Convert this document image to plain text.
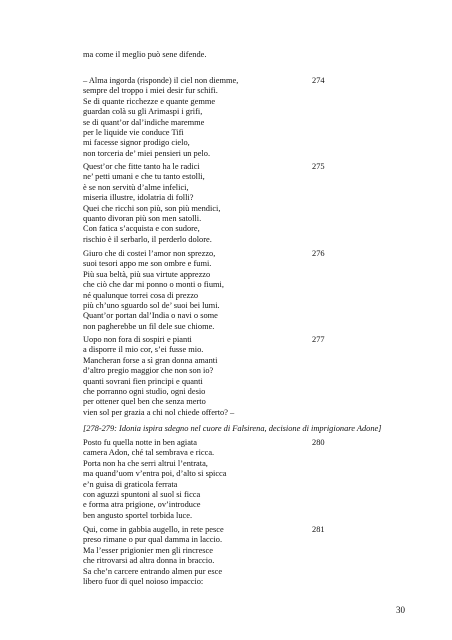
ma come il meglio può sene difende.
274
– Alma ingorda (risponde) il ciel non diemme,
sempre del troppo i miei desir fur schifi.
Se di quante ricchezze e quante gemme
guardan colà su gli Arimaspi i grifi,
se di quant’or dal’indiche maremme
per le liquide vie conduce Tifi
mi facesse signor prodigo cielo,
non torceria de’ miei pensieri un pelo.
275
Quest’or che fitte tanto ha le radici
ne’ petti umani e che tu tanto estolli,
è se non servitù d’alme infelici,
miseria illustre, idolatria di folli?
Quei che ricchi son più, son più mendici,
quanto divoran più son men satolli.
Con fatica s’acquista e con sudore,
rischio è il serbarlo, il perderlo dolore.
276
Giuro che di costei l’amor non sprezzo,
suoi tesori appo me son ombre e fumi.
Più sua beltà, più sua virtute apprezzo
che ciò che dar mi ponno o monti o fiumi,
né qualunque torrei cosa di prezzo
più ch’uno sguardo sol de’ suoi bei lumi.
Quant’or portan dal’India o navi o some
non pagherebbe un fil dele sue chiome.
277
Uopo non fora di sospiri e pianti
a disporre il mio cor, s’ei fusse mio.
Mancheran forse a sì gran donna amanti
d’altro pregio maggior che non son io?
quanti sovrani fien principi e quanti
che porranno ogni studio, ogni desio
per ottener quel ben che senza merto
vien sol per grazia a chi nol chiede offerto? –
[278-279: Idonia ispira sdegno nel cuore di Falsirena, decisione di imprigionare Adone]
280
Posto fu quella notte in ben agiata
camera Adon, ché tal sembrava e ricca.
Porta non ha che serri altrui l’entrata,
ma quand’uom v’entra poi, d’alto si spicca
e’n guisa di graticola ferrata
con aguzzi spuntoni al suol si ficca
e forma atra prigione, ov’introduce
ben angusto sportel torbida luce.
281
Qui, come in gabbia augello, in rete pesce
preso rimane o pur qual damma in laccio.
Ma l’esser prigionier men gli rincresce
che ritrovarsi ad altra donna in braccio.
Sa che’n carcere entrando almen pur esce
libero fuor di quel noioso impaccio:
30
